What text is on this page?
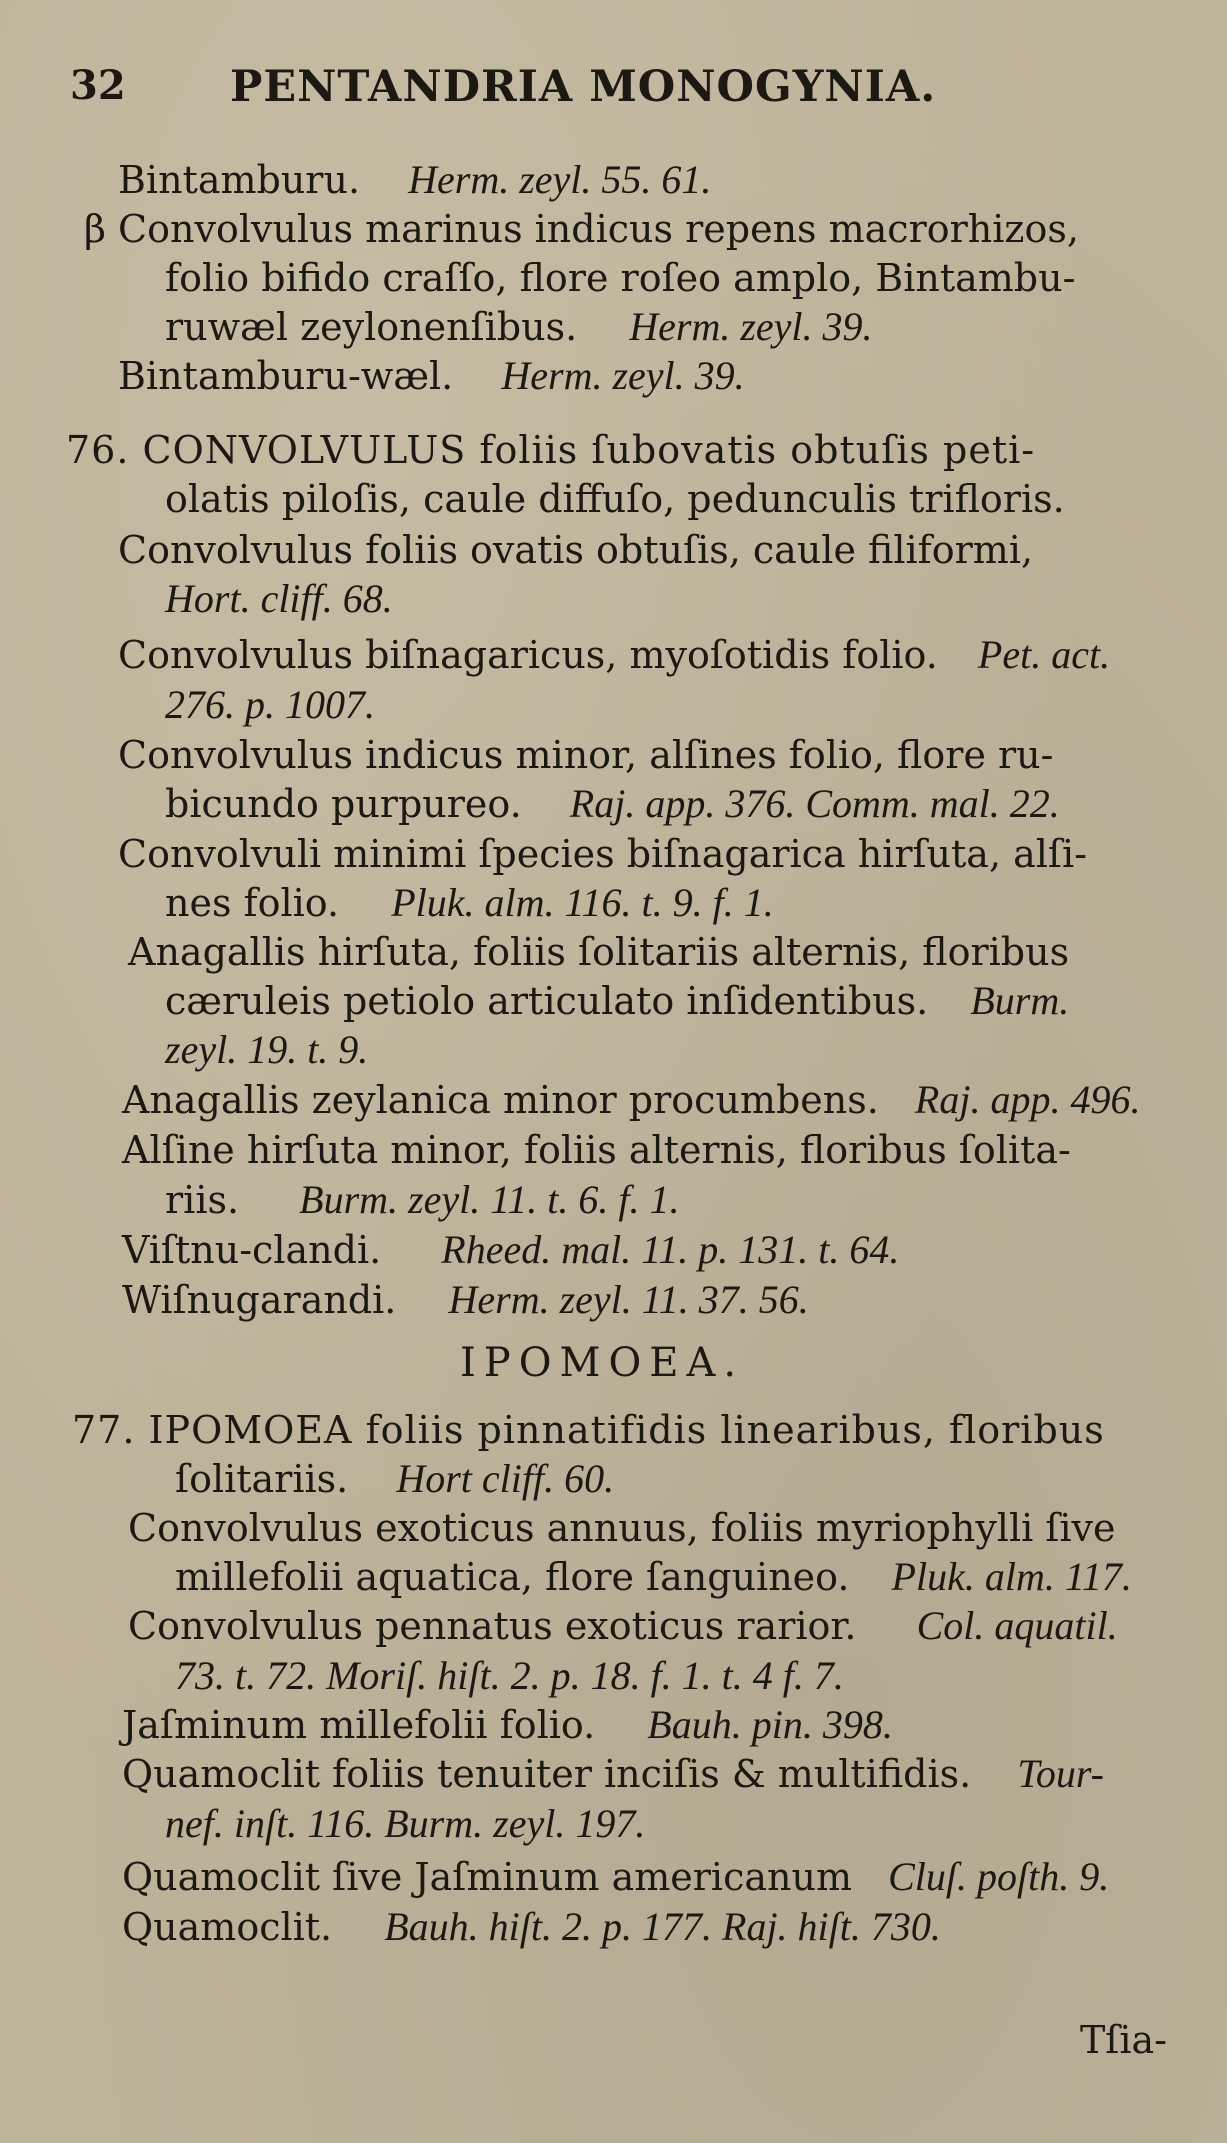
32 PENTANDRIA MONOGYNIA.
Bintamburu. Herm. zeyl. 55. 61.
β Convolvulus marinus indicus repens macrorhizos,
folio bifido craſſo, flore roſeo amplo, Bintambu-
ruwæl zeylonenſibus. Herm. zeyl. 39.
Bintamburu-wæl. Herm. zeyl. 39.
76. CONVOLVULUS foliis ſubovatis obtuſis peti-
olatis piloſis, caule diffuſo, pedunculis trifloris.
Convolvulus foliis ovatis obtuſis, caule filiformi,
Hort. cliff. 68.
Convolvulus biſnagaricus, myoſotidis folio. Pet. act.
276. p. 1007.
Convolvulus indicus minor, alſines folio, flore ru-
bicundo purpureo. Raj. app. 376. Comm. mal. 22.
Convolvuli minimi ſpecies biſnagarica hirſuta, alſi-
nes folio. Pluk. alm. 116. t. 9. f. 1.
Anagallis hirſuta, foliis ſolitariis alternis, floribus
cæruleis petiolo articulato inſidentibus. Burm.
zeyl. 19. t. 9.
Anagallis zeylanica minor procumbens. Raj. app. 496.
Alſine hirſuta minor, foliis alternis, floribus ſolita-
riis. Burm. zeyl. 11. t. 6. f. 1.
Viſtnu-clandi. Rheed. mal. 11. p. 131. t. 64.
Wiſnugarandi. Herm. zeyl. 11. 37. 56.
IPOMOEA.
77. IPOMOEA foliis pinnatifidis linearibus, floribus
ſolitariis. Hort cliff. 60.
Convolvulus exoticus annuus, foliis myriophylli ſive
millefolii aquatica, flore ſanguineo. Pluk. alm. 117.
Convolvulus pennatus exoticus rarior. Col. aquatil.
73. t. 72. Moriſ. hiſt. 2. p. 18. f. 1. t. 4 f. 7.
Jaſminum millefolii folio. Bauh. pin. 398.
Quamoclit foliis tenuiter inciſis & multifidis. Tour-
nef. inſt. 116. Burm. zeyl. 197.
Quamoclit ſive Jaſminum americanum Cluſ. poſth. 9.
Quamoclit. Bauh. hiſt. 2. p. 177. Raj. hiſt. 730.
Tſia-
